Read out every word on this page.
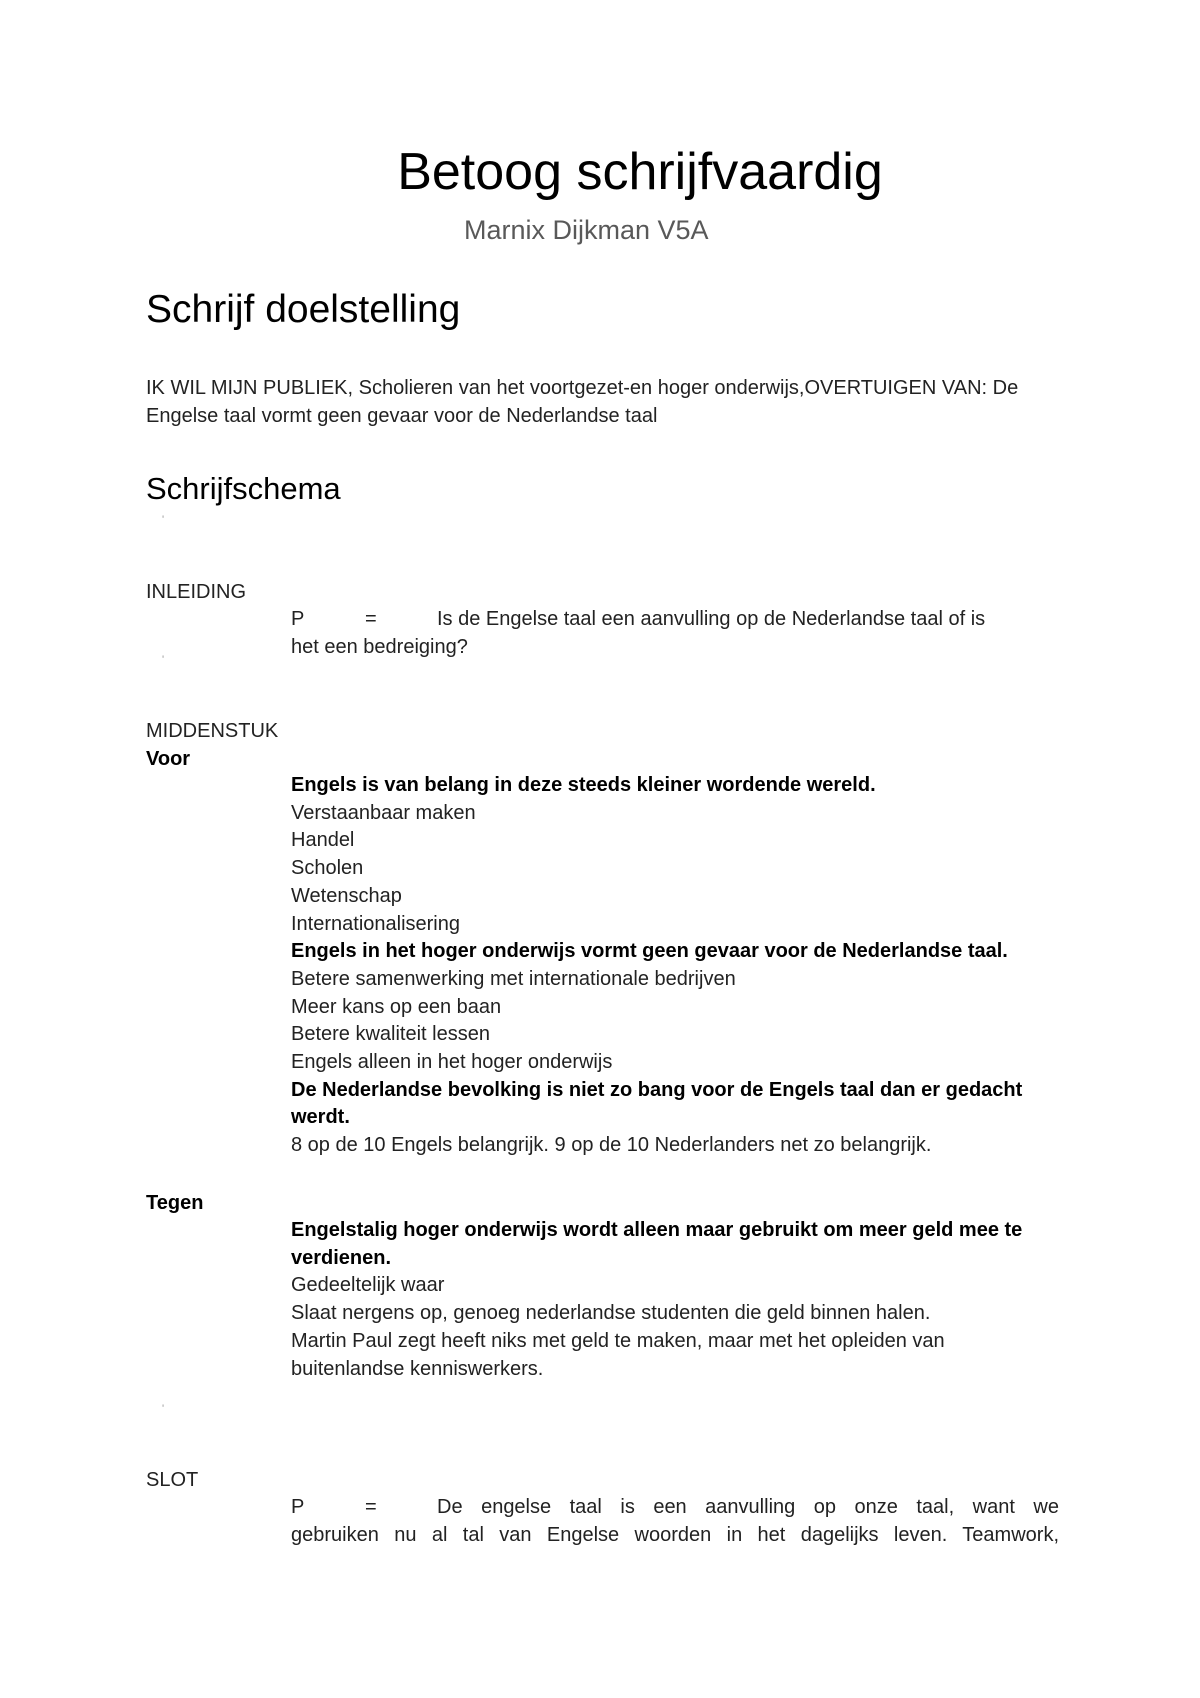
Betoog schrijfvaardig

Marnix Dijkman V5A

Schrijf doelstelling

IK WIL MIJN PUBLIEK, Scholieren van het voortgezet-en hoger onderwijs,OVERTUIGEN VAN: De Engelse taal vormt geen gevaar voor de Nederlandse taal

Schrijfschema
'

INLEIDING

P	=	Is de Engelse taal een aanvulling op de Nederlandse taal of is

het een bedreiging?

'

MIDDENSTUK

Voor

Engels is van belang in deze steeds kleiner wordende wereld.

Verstaanbaar maken

Handel

Scholen

Wetenschap

Internationalisering

Engels in het hoger onderwijs vormt geen gevaar voor de Nederlandse taal.

Betere samenwerking met internationale bedrijven

Meer kans op een baan

Betere kwaliteit lessen

Engels alleen in het hoger onderwijs

De Nederlandse bevolking is niet zo bang voor de Engels taal dan er gedacht werdt.

8 op de 10 Engels belangrijk. 9 op de 10 Nederlanders net zo belangrijk.

Tegen

Engelstalig hoger onderwijs wordt alleen maar gebruikt om meer geld mee te verdienen.

Gedeeltelijk waar

Slaat nergens op, genoeg nederlandse studenten die geld binnen halen.

Martin Paul zegt heeft niks met geld te maken, maar met het opleiden van buitenlandse kenniswerkers.

'

SLOT

P	=	De engelse taal is een aanvulling op onze taal, want we

gebruiken nu al tal van Engelse woorden in het dagelijks leven. Teamwork,
